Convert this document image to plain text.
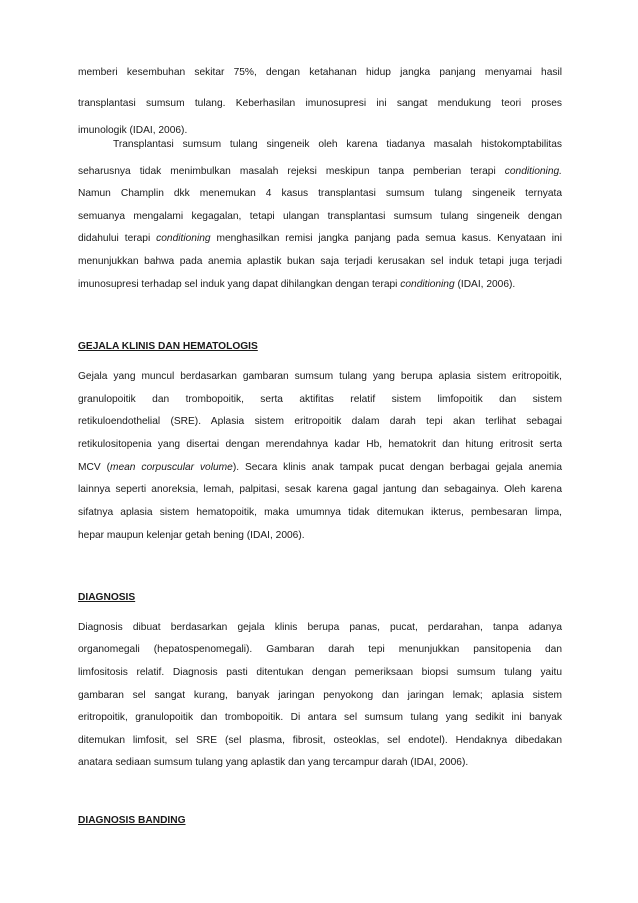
memberi kesembuhan sekitar 75%, dengan ketahanan hidup jangka panjang menyamai hasil
transplantasi sumsum tulang. Keberhasilan imunosupresi ini sangat mendukung teori proses
imunologik (IDAI, 2006).
Transplantasi sumsum tulang singeneik oleh karena tiadanya masalah histokomptabilitas
seharusnya tidak menimbulkan masalah rejeksi meskipun tanpa pemberian terapi conditioning.
Namun Champlin dkk menemukan 4 kasus transplantasi sumsum tulang singeneik ternyata
semuanya mengalami kegagalan, tetapi ulangan transplantasi sumsum tulang singeneik dengan
didahului terapi conditioning menghasilkan remisi jangka panjang pada semua kasus. Kenyataan ini
menunjukkan bahwa pada anemia aplastik bukan saja terjadi kerusakan sel induk tetapi juga terjadi
imunosupresi terhadap sel induk yang dapat dihilangkan dengan terapi conditioning (IDAI, 2006).
GEJALA KLINIS DAN HEMATOLOGIS
Gejala yang muncul berdasarkan gambaran sumsum tulang yang berupa aplasia sistem eritropoitik,
granulopoitik dan trombopoitik, serta aktifitas relatif sistem limfopoitik dan sistem
retikuloendothelial (SRE). Aplasia sistem eritropoitik dalam darah tepi akan terlihat sebagai
retikulositopenia yang disertai dengan merendahnya kadar Hb, hematokrit dan hitung eritrosit serta
MCV (mean corpuscular volume). Secara klinis anak tampak pucat dengan berbagai gejala anemia
lainnya seperti anoreksia, lemah, palpitasi, sesak karena gagal jantung dan sebagainya. Oleh karena
sifatnya aplasia sistem hematopoitik, maka umumnya tidak ditemukan ikterus, pembesaran limpa,
hepar maupun kelenjar getah bening (IDAI, 2006).
DIAGNOSIS
Diagnosis dibuat berdasarkan gejala klinis berupa panas, pucat, perdarahan, tanpa adanya
organomegali (hepatospenomegali). Gambaran darah tepi menunjukkan pansitopenia dan
limfositosis relatif. Diagnosis pasti ditentukan dengan pemeriksaan biopsi sumsum tulang yaitu
gambaran sel sangat kurang, banyak jaringan penyokong dan jaringan lemak; aplasia sistem
eritropoitik, granulopoitik dan trombopoitik. Di antara sel sumsum tulang yang sedikit ini banyak
ditemukan limfosit, sel SRE (sel plasma, fibrosit, osteoklas, sel endotel). Hendaknya dibedakan
anatara sediaan sumsum tulang yang aplastik dan yang tercampur darah (IDAI, 2006).
DIAGNOSIS BANDING
